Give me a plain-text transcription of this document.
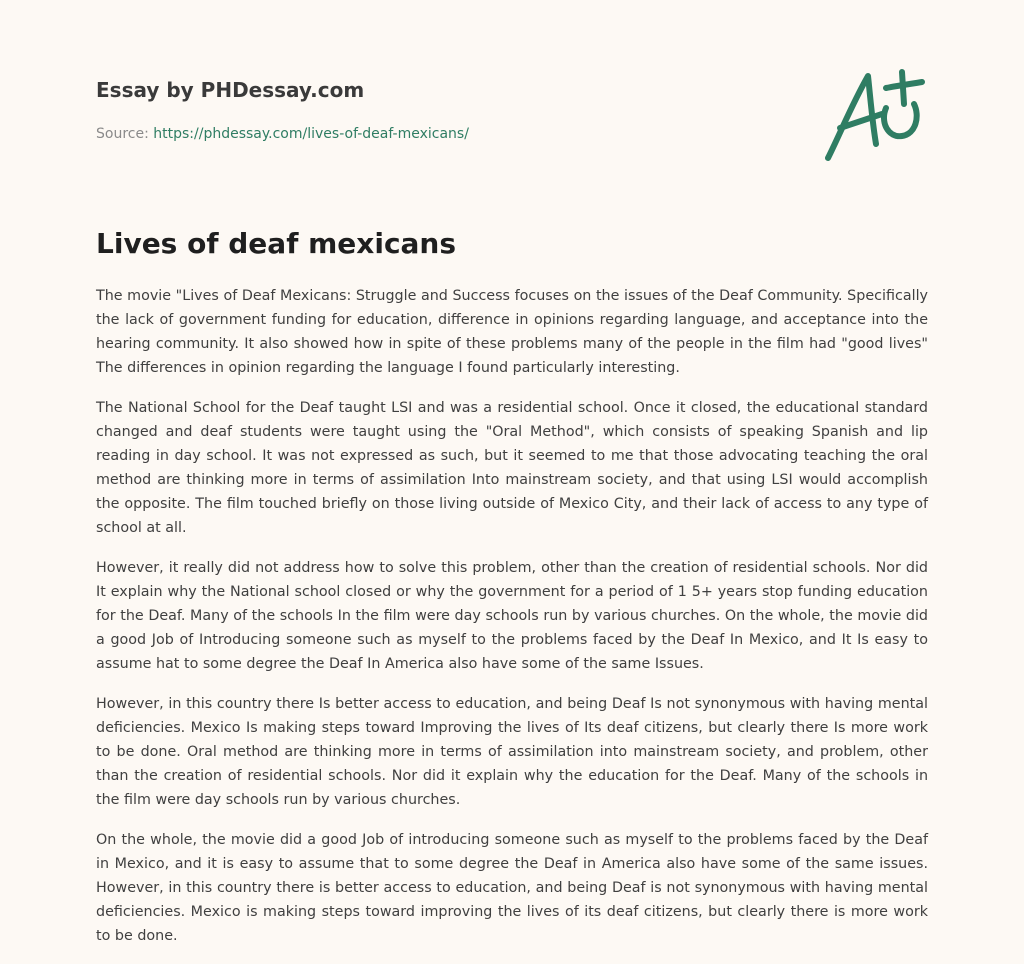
Essay by PHDessay.com
Source: https://phdessay.com/lives-of-deaf-mexicans/
Lives of deaf mexicans

The movie "Lives of Deaf Mexicans: Struggle and Success focuses on the issues of the Deaf Community. Specifically the lack of government funding for education, difference in opinions regarding language, and acceptance into the hearing community. It also showed how in spite of these problems many of the people in the film had "good lives" The differences in opinion regarding the language I found particularly interesting.

The National School for the Deaf taught LSI and was a residential school. Once it closed, the educational standard changed and deaf students were taught using the "Oral Method", which consists of speaking Spanish and lip reading in day school. It was not expressed as such, but it seemed to me that those advocating teaching the oral method are thinking more in terms of assimilation Into mainstream society, and that using LSI would accomplish the opposite. The film touched briefly on those living outside of Mexico City, and their lack of access to any type of school at all.

However, it really did not address how to solve this problem, other than the creation of residential schools. Nor did It explain why the National school closed or why the government for a period of 1 5+ years stop funding education for the Deaf. Many of the schools In the film were day schools run by various churches. On the whole, the movie did a good Job of Introducing someone such as myself to the problems faced by the Deaf In Mexico, and It Is easy to assume hat to some degree the Deaf In America also have some of the same Issues.

However, in this country there Is better access to education, and being Deaf Is not synonymous with having mental deficiencies. Mexico Is making steps toward Improving the lives of Its deaf citizens, but clearly there Is more work to be done. Oral method are thinking more in terms of assimilation into mainstream society, and problem, other than the creation of residential schools. Nor did it explain why the education for the Deaf. Many of the schools in the film were day schools run by various churches.

On the whole, the movie did a good Job of introducing someone such as myself to the problems faced by the Deaf in Mexico, and it is easy to assume that to some degree the Deaf in America also have some of the same issues. However, in this country there is better access to education, and being Deaf is not synonymous with having mental deficiencies. Mexico is making steps toward improving the lives of its deaf citizens, but clearly there is more work to be done.
